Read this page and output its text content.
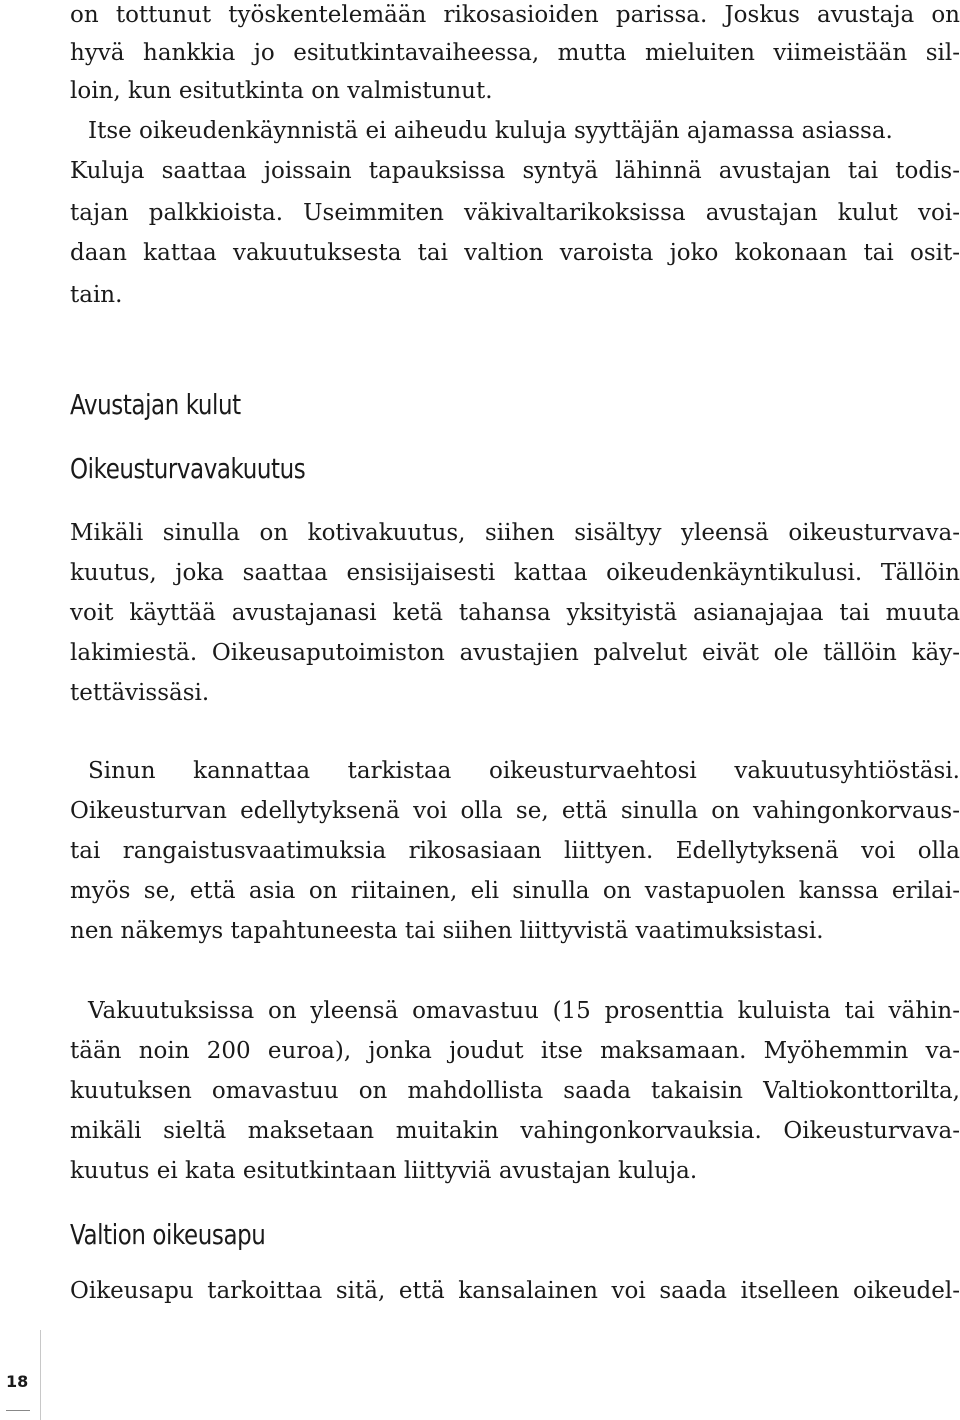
on tottunut työskentelemään rikosasioiden parissa. Joskus avustaja on
hyvä hankkia jo esitutkintavaiheessa, mutta mieluiten viimeistään sil-
loin, kun esitutkinta on valmistunut.
Itse oikeudenkäynnistä ei aiheudu kuluja syyttäjän ajamassa asiassa.
Kuluja saattaa joissain tapauksissa syntyä lähinnä avustajan tai todis-
tajan palkkioista. Useimmiten väkivaltarikoksissa avustajan kulut voi-
daan kattaa vakuutuksesta tai valtion varoista joko kokonaan tai osit-
tain.
Avustajan kulut
Oikeusturvavakuutus
Mikäli sinulla on kotivakuutus, siihen sisältyy yleensä oikeusturvava-
kuutus, joka saattaa ensisijaisesti kattaa oikeudenkäyntikulusi. Tällöin
voit käyttää avustajanasi ketä tahansa yksityistä asianajajaa tai muuta
lakimiestä. Oikeusaputoimiston avustajien palvelut eivät ole tällöin käy-
tettävissäsi.
Sinun kannattaa tarkistaa oikeusturvaehtosi vakuutusyhtiöstäsi.
Oikeusturvan edellytyksenä voi olla se, että sinulla on vahingonkorvaus-
tai rangaistusvaatimuksia rikosasiaan liittyen. Edellytyksenä voi olla
myös se, että asia on riitainen, eli sinulla on vastapuolen kanssa erilai-
nen näkemys tapahtuneesta tai siihen liittyvistä vaatimuksistasi.
Vakuutuksissa on yleensä omavastuu (15 prosenttia kuluista tai vähin-
tään noin 200 euroa), jonka joudut itse maksamaan. Myöhemmin va-
kuutuksen omavastuu on mahdollista saada takaisin Valtiokonttorilta,
mikäli sieltä maksetaan muitakin vahingonkorvauksia. Oikeusturvava-
kuutus ei kata esitutkintaan liittyviä avustajan kuluja.
Valtion oikeusapu
Oikeusapu tarkoittaa sitä, että kansalainen voi saada itselleen oikeudel-
18
